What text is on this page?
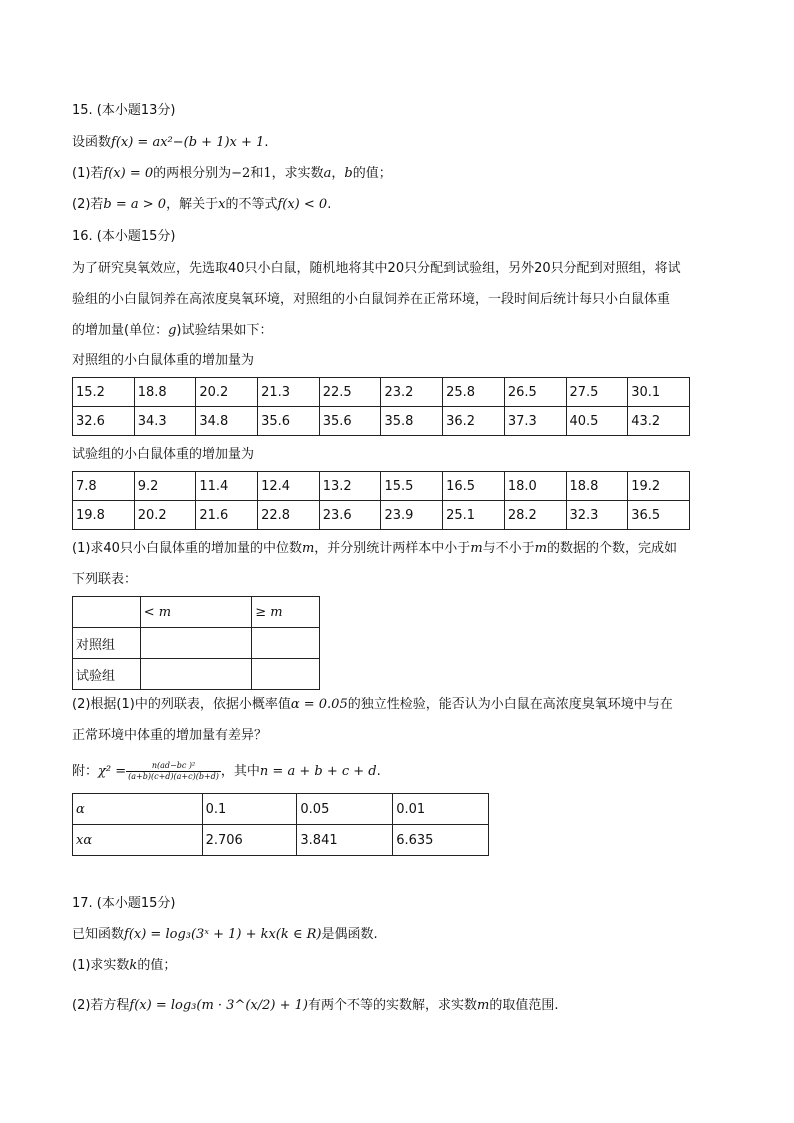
15. (本小题13分)
设函数f(x) = ax²−(b + 1)x + 1.
(1)若f(x) = 0的两根分别为−2和1，求实数a，b的值；
(2)若b = a > 0，解关于x的不等式f(x) < 0.
16. (本小题15分)
为了研究臭氧效应，先选取40只小白鼠，随机地将其中20只分配到试验组，另外20只分配到对照组，将试
验组的小白鼠饲养在高浓度臭氧环境，对照组的小白鼠饲养在正常环境，一段时间后统计每只小白鼠体重
的增加量(单位：g)试验结果如下：
对照组的小白鼠体重的增加量为
15.2	18.8	20.2	21.3	22.5	23.2	25.8	26.5	27.5	30.1
32.6	34.3	34.8	35.6	35.6	35.8	36.2	37.3	40.5	43.2
试验组的小白鼠体重的增加量为
7.8	9.2	11.4	12.4	13.2	15.5	16.5	18.0	18.8	19.2
19.8	20.2	21.6	22.8	23.6	23.9	25.1	28.2	32.3	36.5
(1)求40只小白鼠体重的增加量的中位数m，并分别统计两样本中小于m与不小于m的数据的个数，完成如
下列联表：
	< m	≥ m
对照组		
试验组		
(2)根据(1)中的列联表，依据小概率值α = 0.05的独立性检验，能否认为小白鼠在高浓度臭氧环境中与在
正常环境中体重的增加量有差异？
附：$\chi^2 = \frac{\text{n(ad−bc )²}}{(a+b)(c+d)(a+c)(b+d)}$ ，其中n = a + b + c + d.
α	0.1	0.05	0.01
xα	2.706	3.841	6.635
17. (本小题15分)
已知函数f(x) = log₃(3ˣ + 1) + kx(k ∈ R)是偶函数.
(1)求实数k的值；
(2)若方程f(x) = log₃(m · 3^(x/2) + 1)有两个不等的实数解，求实数m的取值范围.
